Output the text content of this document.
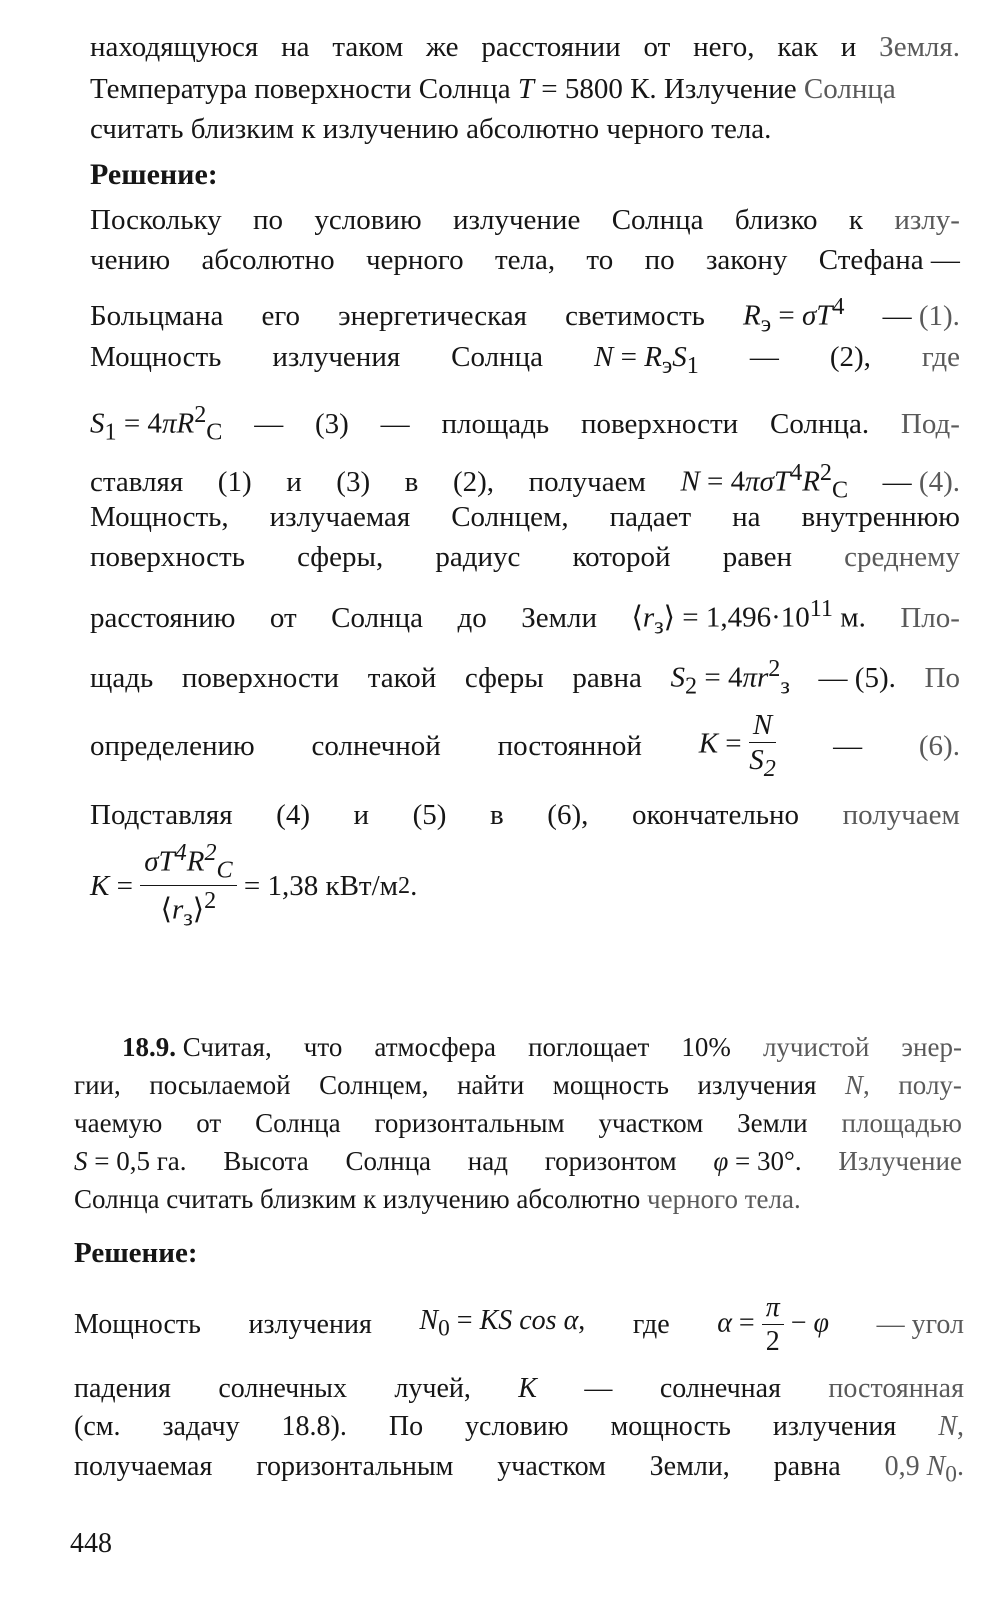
находящуюся на таком же расстоянии от него, как и Земля.
Температура поверхности Солнца T = 5800 К. Излучение Солнца
считать близким к излучению абсолютно черного тела.
Решение:
Поскольку по условию излучение Солнца близко к излу-
чению абсолютно черного тела, то по закону Стефана —
Больцмана его энергетическая светимость $R_э = \sigma T^4$ — (1).
Мощность излучения Солнца $N = R_эS_1$ — (2), где
$S_1 = 4\pi R^2_C$ — (3) — площадь поверхности Солнца. Под-
ставляя (1) и (3) в (2), получаем $N = 4\pi\sigma T^4R^2_C$ — (4).
Мощность, излучаемая Солнцем, падает на внутреннюю
поверхность сферы, радиус которой равен среднему
расстоянию от Солнца до Земли $⟨r_з⟩ = 1,496\cdot 10^{11}$ м. Пло-
щадь поверхности такой сферы равна $S_2 = 4\pi r^2_з$ — (5). По
определению солнечной постоянной $K = \frac{N}{S_2}$ — (6).
Подставляя (4) и (5) в (6), окончательно получаем
$K = \frac{\sigma T^4R^2_C}{⟨r_з⟩^2} = 1,38$ кВт/м 2 .
18.9. Считая, что атмосфера поглощает 10% лучистой энер-
гии, посылаемой Солнцем, найти мощность излучения N, полу-
чаемую от Солнца горизонтальным участком Земли площадью
S = 0,5 га. Высота Солнца над горизонтом φ = 30°. Излучение
Солнца считать близким к излучению абсолютно черного тела.
Решение:
Мощность излучения $N_0$ = KS cos α, где $\alpha = \frac{\pi}{2} - \varphi$ — угол
падения солнечных лучей, K — солнечная постоянная
(см. задачу 18.8). По условию мощность излучения N,
получаемая горизонтальным участком Земли, равна 0,9 $N_0$.
448
